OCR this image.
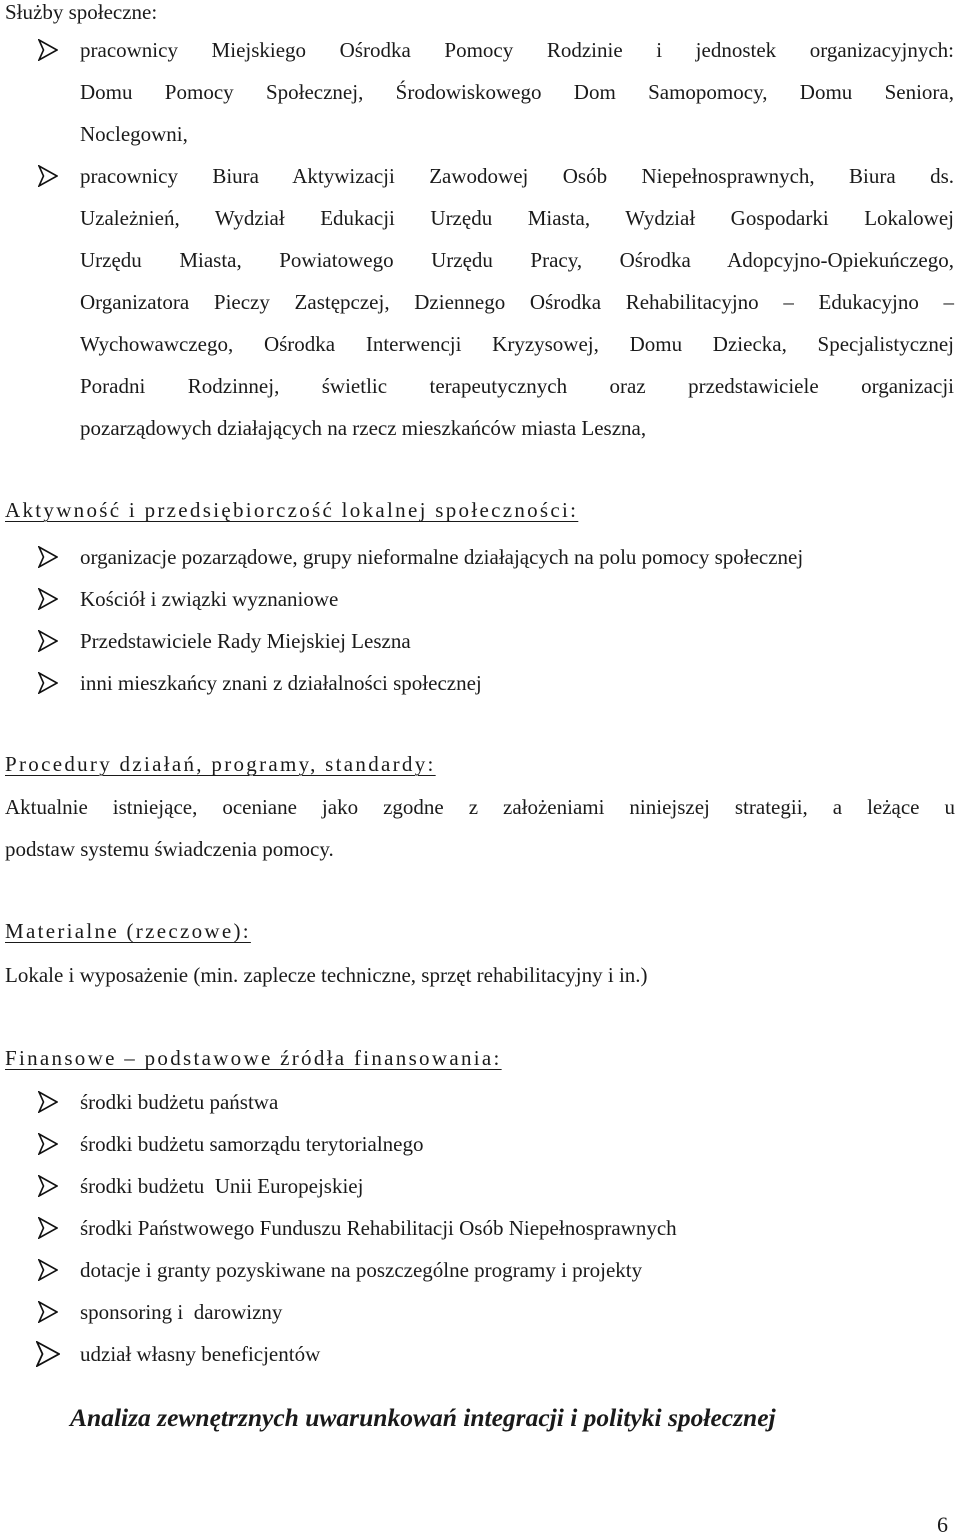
Służby społeczne:
pracownicy Miejskiego Ośrodka Pomocy Rodzinie i jednostek organizacyjnych:
Domu Pomocy Społecznej, Środowiskowego Dom Samopomocy, Domu Seniora,
Noclegowni,
pracownicy Biura Aktywizacji Zawodowej Osób Niepełnosprawnych, Biura ds.
Uzależnień, Wydział Edukacji Urzędu Miasta, Wydział Gospodarki Lokalowej
Urzędu Miasta, Powiatowego Urzędu Pracy, Ośrodka Adopcyjno-Opiekuńczego,
Organizatora Pieczy Zastępczej, Dziennego Ośrodka Rehabilitacyjno – Edukacyjno –
Wychowawczego, Ośrodka Interwencji Kryzysowej, Domu Dziecka, Specjalistycznej
Poradni Rodzinnej, świetlic terapeutycznych oraz przedstawiciele organizacji
pozarządowych działających na rzecz mieszkańców miasta Leszna,
Aktywność i przedsiębiorczość lokalnej społeczności:
organizacje pozarządowe, grupy nieformalne działających na polu pomocy społecznej
Kościół i związki wyznaniowe
Przedstawiciele Rady Miejskiej Leszna
inni mieszkańcy znani z działalności społecznej
Procedury działań, programy, standardy:
Aktualnie istniejące, oceniane jako zgodne z założeniami niniejszej strategii, a leżące u
podstaw systemu świadczenia pomocy.
Materialne (rzeczowe):
Lokale i wyposażenie (min. zaplecze techniczne, sprzęt rehabilitacyjny i in.)
Finansowe – podstawowe źródła finansowania:
środki budżetu państwa
środki budżetu samorządu terytorialnego
środki budżetu  Unii Europejskiej
środki Państwowego Funduszu Rehabilitacji Osób Niepełnosprawnych
dotacje i granty pozyskiwane na poszczególne programy i projekty
sponsoring i  darowizny
udział własny beneficjentów
Analiza zewnętrznych uwarunkowań integracji i polityki społecznej
6
